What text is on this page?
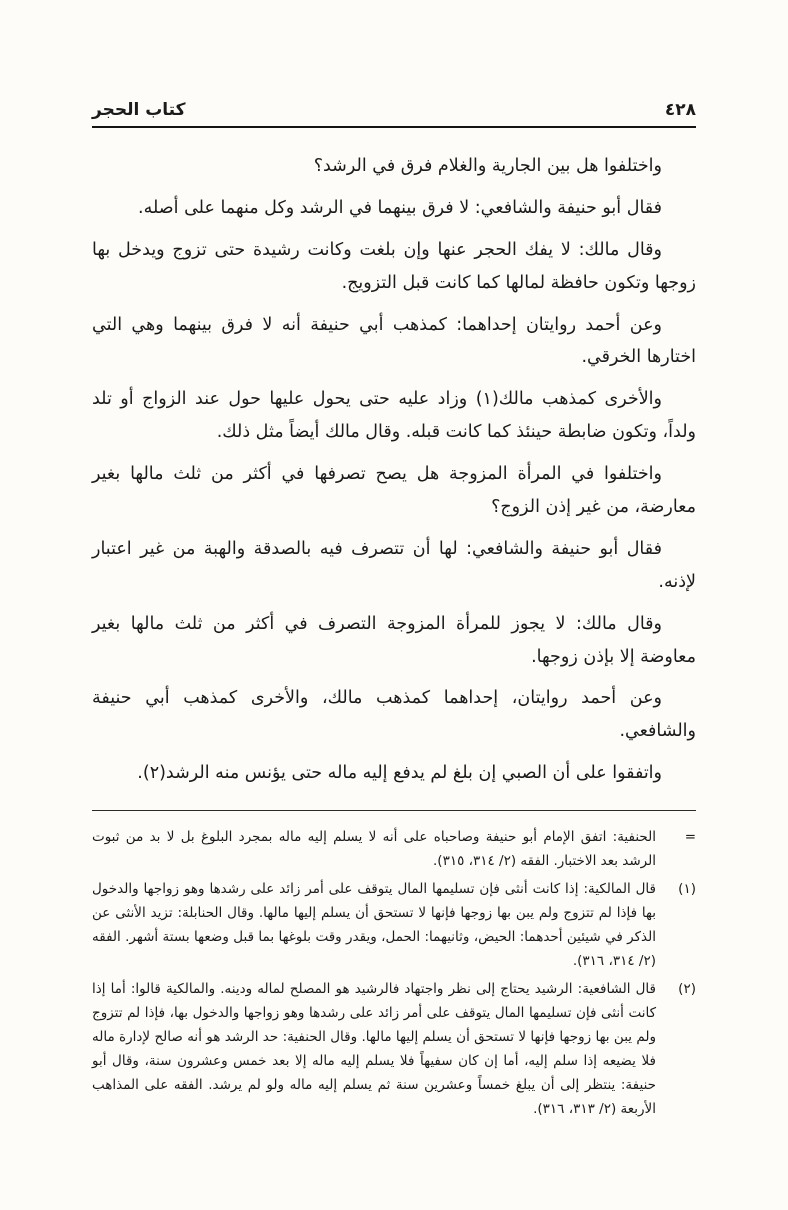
٤٢٨
كتاب الحجر

واختلفوا هل بين الجارية والغلام فرق في الرشد؟

فقال أبو حنيفة والشافعي: لا فرق بينهما في الرشد وكل منهما على أصله.

وقال مالك: لا يفك الحجر عنها وإن بلغت وكانت رشيدة حتى تزوج ويدخل بها زوجها وتكون حافظة لمالها كما كانت قبل التزويج.

وعن أحمد روايتان إحداهما: كمذهب أبي حنيفة أنه لا فرق بينهما وهي التي اختارها الخرقي.

والأخرى كمذهب مالك(١) وزاد عليه حتى يحول عليها حول عند الزواج أو تلد ولداً، وتكون ضابطة حينئذ كما كانت قبله. وقال مالك أيضاً مثل ذلك.

واختلفوا في المرأة المزوجة هل يصح تصرفها في أكثر من ثلث مالها بغير معارضة، من غير إذن الزوج؟

فقال أبو حنيفة والشافعي: لها أن تتصرف فيه بالصدقة والهبة من غير اعتبار لإذنه.

وقال مالك: لا يجوز للمرأة المزوجة التصرف في أكثر من ثلث مالها بغير معاوضة إلا بإذن زوجها.

وعن أحمد روايتان، إحداهما كمذهب مالك، والأخرى كمذهب أبي حنيفة والشافعي.

واتفقوا على أن الصبي إن بلغ لم يدفع إليه ماله حتى يؤنس منه الرشد(٢).

=
الحنفية: اتفق الإمام أبو حنيفة وصاحباه على أنه لا يسلم إليه ماله بمجرد البلوغ بل لا بد من ثبوت الرشد بعد الاختبار. الفقه (٢/ ٣١٤، ٣١٥).
(١)
قال المالكية: إذا كانت أنثى فإن تسليمها المال يتوقف على أمر زائد على رشدها وهو زواجها والدخول بها فإذا لم تتزوج ولم يبن بها زوجها فإنها لا تستحق أن يسلم إليها مالها. وقال الحنابلة: تزيد الأنثى عن الذكر في شيئين أحدهما: الحيض، وثانيهما: الحمل، ويقدر وقت بلوغها بما قبل وضعها بستة أشهر. الفقه (٢/ ٣١٤، ٣١٦).
(٢)
قال الشافعية: الرشيد يحتاج إلى نظر واجتهاد فالرشيد هو المصلح لماله ودينه. والمالكية قالوا: أما إذا كانت أنثى فإن تسليمها المال يتوقف على أمر زائد على رشدها وهو زواجها والدخول بها، فإذا لم تتزوج ولم يبن بها زوجها فإنها لا تستحق أن يسلم إليها مالها. وقال الحنفية: حد الرشد هو أنه صالح لإدارة ماله فلا يضيعه إذا سلم إليه، أما إن كان سفيهاً فلا يسلم إليه ماله إلا بعد خمس وعشرون سنة، وقال أبو حنيفة: ينتظر إلى أن يبلغ خمساً وعشرين سنة ثم يسلم إليه ماله ولو لم يرشد. الفقه على المذاهب الأربعة (٢/ ٣١٣، ٣١٦).
